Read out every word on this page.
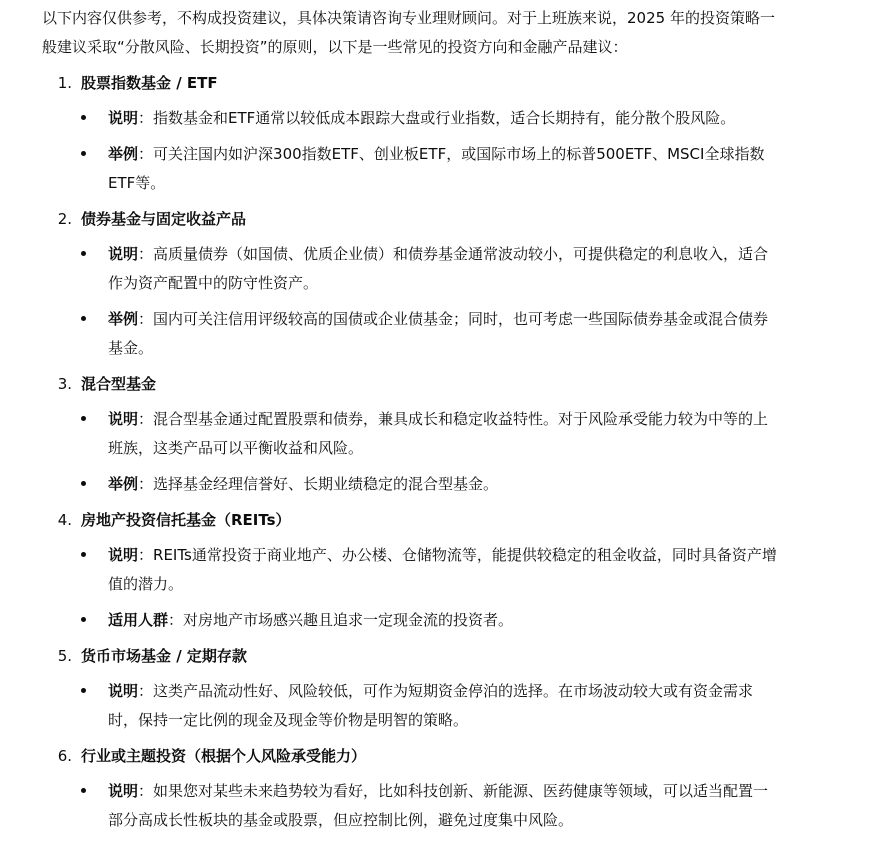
以下内容仅供参考，不构成投资建议，具体决策请咨询专业理财顾问。对于上班族来说，2025 年的投资策略一般建议采取“分散风险、长期投资”的原则，以下是一些常见的投资方向和金融产品建议：

1. 股票指数基金 / ETF
说明：指数基金和ETF通常以较低成本跟踪大盘或行业指数，适合长期持有，能分散个股风险。
举例：可关注国内如沪深300指数ETF、创业板ETF，或国际市场上的标普500ETF、MSCI全球指数ETF等。
2. 债券基金与固定收益产品
说明：高质量债券（如国债、优质企业债）和债券基金通常波动较小，可提供稳定的利息收入，适合作为资产配置中的防守性资产。
举例：国内可关注信用评级较高的国债或企业债基金；同时，也可考虑一些国际债券基金或混合债券基金。
3. 混合型基金
说明：混合型基金通过配置股票和债券，兼具成长和稳定收益特性。对于风险承受能力较为中等的上班族，这类产品可以平衡收益和风险。
举例：选择基金经理信誉好、长期业绩稳定的混合型基金。
4. 房地产投资信托基金（REITs）
说明：REITs通常投资于商业地产、办公楼、仓储物流等，能提供较稳定的租金收益，同时具备资产增值的潜力。
适用人群：对房地产市场感兴趣且追求一定现金流的投资者。
5. 货币市场基金 / 定期存款
说明：这类产品流动性好、风险较低，可作为短期资金停泊的选择。在市场波动较大或有资金需求时，保持一定比例的现金及现金等价物是明智的策略。
6. 行业或主题投资（根据个人风险承受能力）
说明：如果您对某些未来趋势较为看好，比如科技创新、新能源、医药健康等领域，可以适当配置一部分高成长性板块的基金或股票，但应控制比例，避免过度集中风险。
